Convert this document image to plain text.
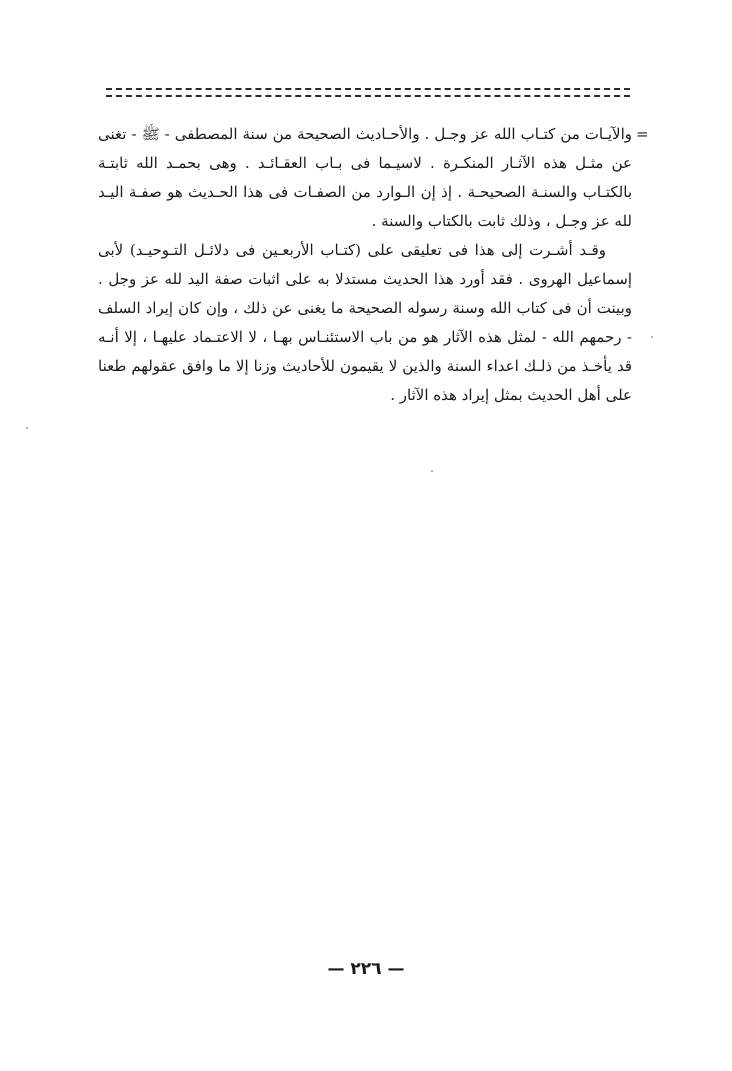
=

والآيـات من كتـاب الله عز وجـل . والأحـاديث الصحيحة من سنة المصطفى - ﷺ - تغنى عن مثـل هذه الآثـار المنكـرة . لاسيـما فى بـاب العقـائـد . وهى بحمـد الله ثابتـة بالكتـاب والسنـة الصحيحـة . إذ إن الـوارد من الصفـات فى هذا الحـديث هو صفـة اليـد لله عز وجـل ، وذلك ثابت بالكتاب والسنة .

وقـد أشـرت إلى هذا فى تعليقى على (كتـاب الأربعـين فى دلائـل التـوحيـد) لأبى إسماعيل الهروى . فقد أورد هذا الحديث مستدلا به على اثبات صفة اليد لله عز وجل . وبينت أن فى كتاب الله وسنة رسوله الصحيحة ما يغنى عن ذلك ، وإن كان إيراد السلف - رحمهم الله - لمثل هذه الآثار هو من باب الاستئنـاس بهـا ، لا الاعتـماد عليهـا ، إلا أنـه قد يأخـذ من ذلـك اعداء السنة والذين لا يقيمون للأحاديث وزنا إلا ما وافق عقولهم طعنا على أهل الحديث بمثل إيراد هذه الآثار .

— ٢٢٦ —
